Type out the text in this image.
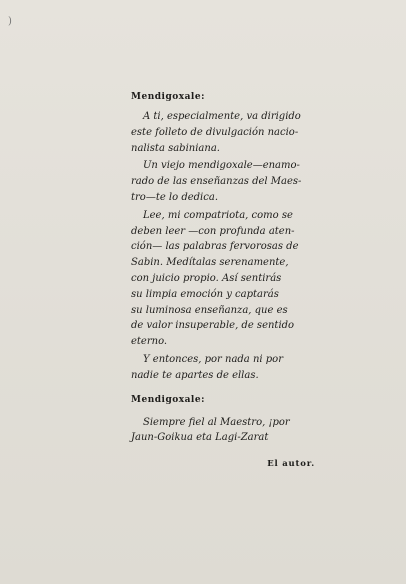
)

Mendigoxale:

A ti, especialmente, va dirigido
este folleto de divulgación nacio-
nalista sabiniana.

Un viejo mendigoxale—enamo-
rado de las enseñanzas del Maes-
tro—te lo dedica.

Lee, mi compatriota, como se
deben leer —con profunda aten-
ción— las palabras fervorosas de
Sabin. Medítalas serenamente,
con juicio propio. Así sentirás
su limpia emoción y captarás
su luminosa enseñanza, que es
de valor insuperable, de sentido
eterno.

Y entonces, por nada ni por
nadie te apartes de ellas.

Mendigoxale:

Siempre fiel al Maestro, ¡por
Jaun-Goikua eta Lagi-Zarat

El autor.
